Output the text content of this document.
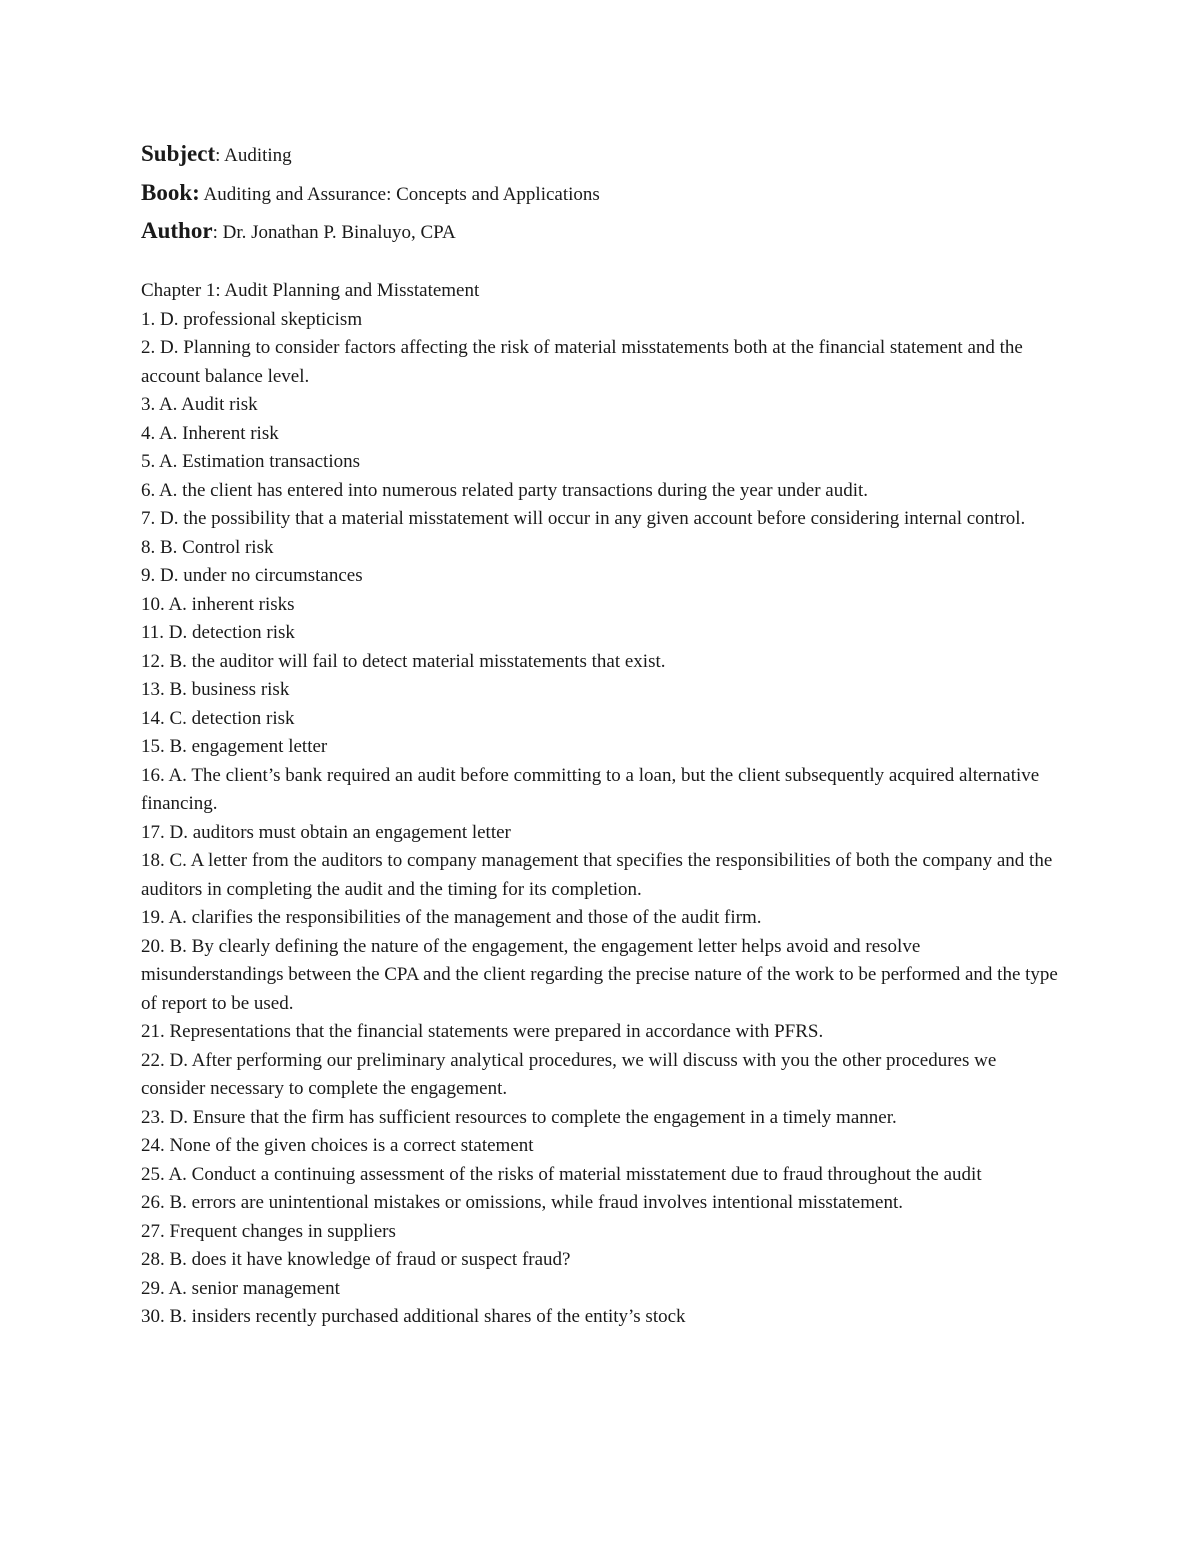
Subject: Auditing

Book: Auditing and Assurance: Concepts and Applications

Author: Dr. Jonathan P. Binaluyo, CPA

Chapter 1: Audit Planning and Misstatement

1. D. professional skepticism
2. D. Planning to consider factors affecting the risk of material misstatements both at the financial statement and the account balance level.
3. A. Audit risk
4. A. Inherent risk
5. A. Estimation transactions
6. A. the client has entered into numerous related party transactions during the year under audit.
7. D. the possibility that a material misstatement will occur in any given account before considering internal control.
8. B. Control risk
9. D. under no circumstances
10. A. inherent risks
11. D. detection risk
12. B. the auditor will fail to detect material misstatements that exist.
13. B. business risk
14. C. detection risk
15. B. engagement letter
16. A. The client’s bank required an audit before committing to a loan, but the client subsequently acquired alternative financing.
17. D. auditors must obtain an engagement letter
18. C. A letter from the auditors to company management that specifies the responsibilities of both the company and the auditors in completing the audit and the timing for its completion.
19. A. clarifies the responsibilities of the management and those of the audit firm.
20. B. By clearly defining the nature of the engagement, the engagement letter helps avoid and resolve misunderstandings between the CPA and the client regarding the precise nature of the work to be performed and the type of report to be used.
21. Representations that the financial statements were prepared in accordance with PFRS.
22. D. After performing our preliminary analytical procedures, we will discuss with you the other procedures we consider necessary to complete the engagement.
23. D. Ensure that the firm has sufficient resources to complete the engagement in a timely manner.
24. None of the given choices is a correct statement
25. A. Conduct a continuing assessment of the risks of material misstatement due to fraud throughout the audit
26. B. errors are unintentional mistakes or omissions, while fraud involves intentional misstatement.
27. Frequent changes in suppliers
28. B. does it have knowledge of fraud or suspect fraud?
29. A. senior management
30. B. insiders recently purchased additional shares of the entity’s stock
